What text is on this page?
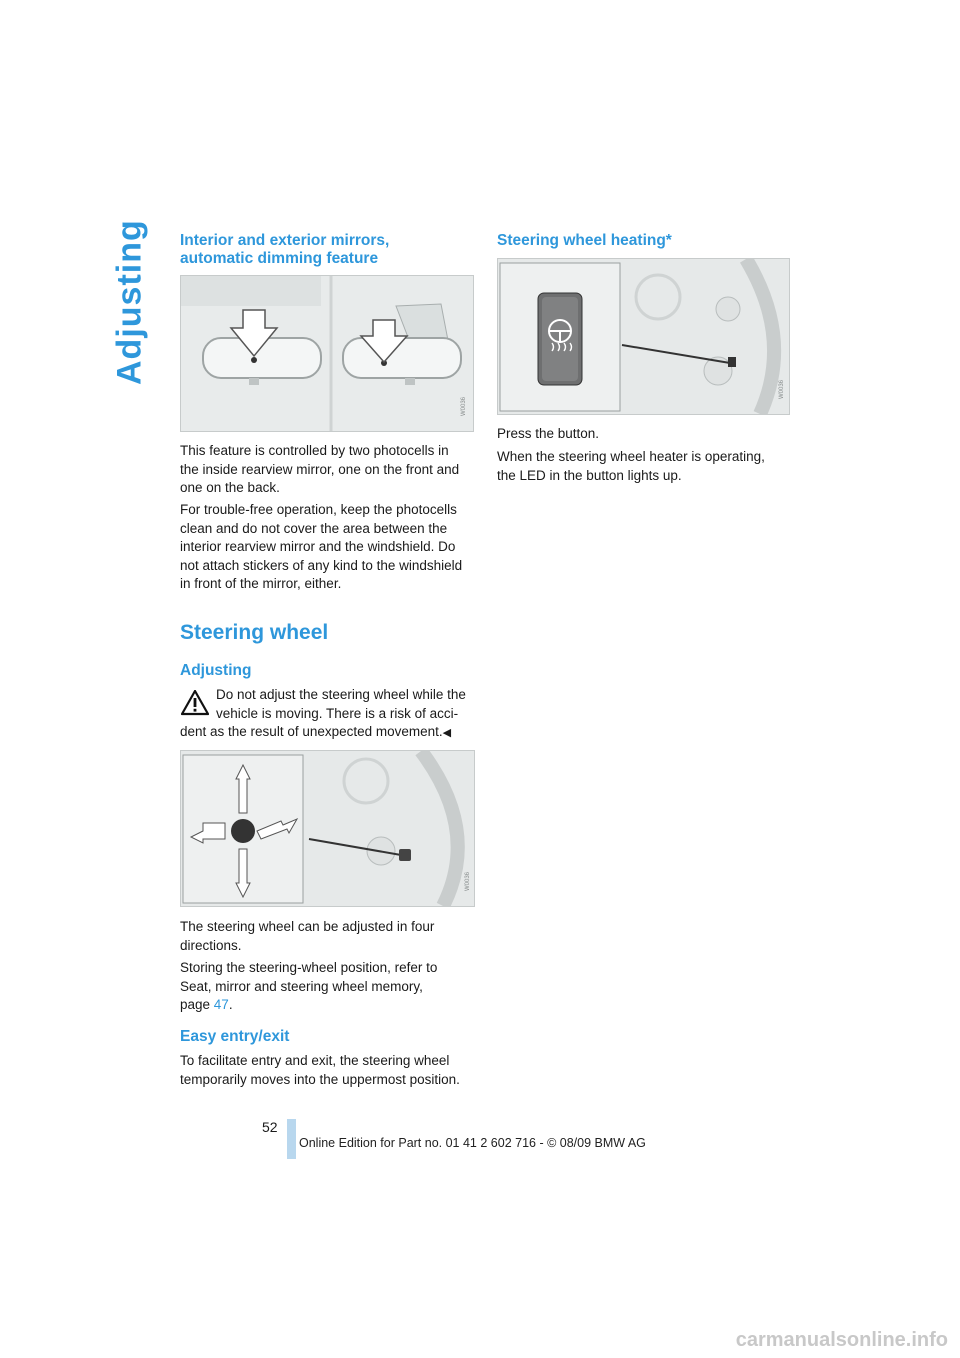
Adjusting Interior and exterior mirrors,
automatic dimming feature
W0036
This feature is controlled by two photocells in
the inside rearview mirror, one on the front and
one on the back.
For trouble-free operation, keep the photocells
clean and do not cover the area between the
interior rearview mirror and the windshield. Do
not attach stickers of any kind to the windshield
in front of the mirror, either.
Steering wheel
Adjusting
Do not adjust the steering wheel while the
vehicle is moving. There is a risk of acci-
dent as the result of unexpected movement.◀
W0036
The steering wheel can be adjusted in four
directions.
Storing the steering-wheel position, refer to
Seat, mirror and steering wheel memory,
page 47.
Easy entry/exit
To facilitate entry and exit, the steering wheel
temporarily moves into the uppermost position.
Steering wheel heating*
W0036
Press the button.
When the steering wheel heater is operating,
the LED in the button lights up.
52
Online Edition for Part no. 01 41 2 602 716 - © 08/09 BMW AG
carmanualsonline.info
